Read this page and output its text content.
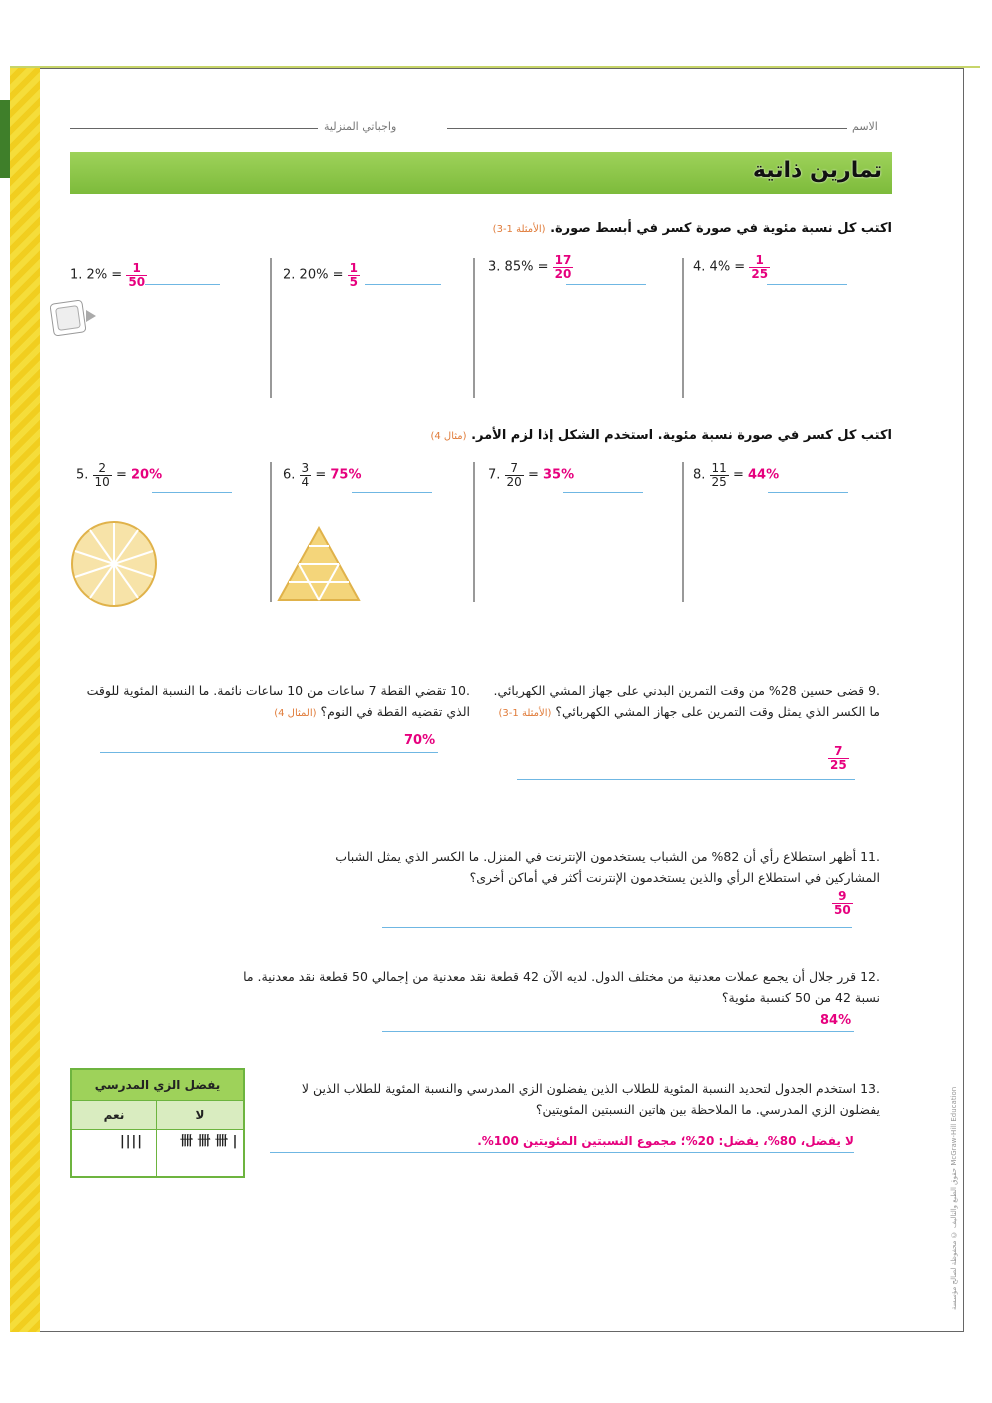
الاسم
واجباتي المنزلية
تمارين ذاتية
اكتب كل نسبة مئوية في صورة كسر في أبسط صورة. (الأمثلة 1-3)
1. $2\% = \frac{1}{50}$	2. $20\% = \frac{1}{5}$	3. $85\% = \frac{17}{20}$	4. $4\% = \frac{1}{25}$
اكتب كل كسر في صورة نسبة مئوية. استخدم الشكل إذا لزم الأمر. (مثال 4)
5. $\frac{2}{10} = 20\%$	6. $\frac{3}{4} = 75\%$	7. $\frac{7}{20} = 35\%$	8. $\frac{11}{25} = 44\%$
.9 قضى حسين 28% من وقت التمرين البدني على جهاز المشي الكهربائي. ما الكسر الذي يمثل وقت التمرين على جهاز المشي الكهربائي؟ (الأمثلة 1-3)
$\frac{7}{25}$
.10 تقضي القطة 7 ساعات من 10 ساعات نائمة. ما النسبة المئوية للوقت الذي تقضيه القطة في النوم؟ (المثال 4)
70%
.11 أظهر استطلاع رأي أن 82% من الشباب يستخدمون الإنترنت في المنزل. ما الكسر الذي يمثل الشباب المشاركين في استطلاع الرأي والذين يستخدمون الإنترنت أكثر في أماكن أخرى؟
$\frac{9}{50}$
.12 قرر جلال أن يجمع عملات معدنية من مختلف الدول. لديه الآن 42 قطعة نقد معدنية من إجمالي 50 قطعة نقد معدنية. ما نسبة 42 من 50 كنسبة مئوية؟
84%
.13 استخدم الجدول لتحديد النسبة المئوية للطلاب الذين يفضلون الزي المدرسي والنسبة المئوية للطلاب الذين لا يفضلون الزي المدرسي. ما الملاحظة بين هاتين النسبتين المئويتين؟
لا يفضل، 80%، يفضل: 20%؛ مجموع النسبتين المئويتين 100%.
يفضل الزي المدرسي
نعم	لا
||||	卌 卌 卌 |
حقوق الطبع والتأليف © محفوظة لصالح مؤسسة McGraw-Hill Education
